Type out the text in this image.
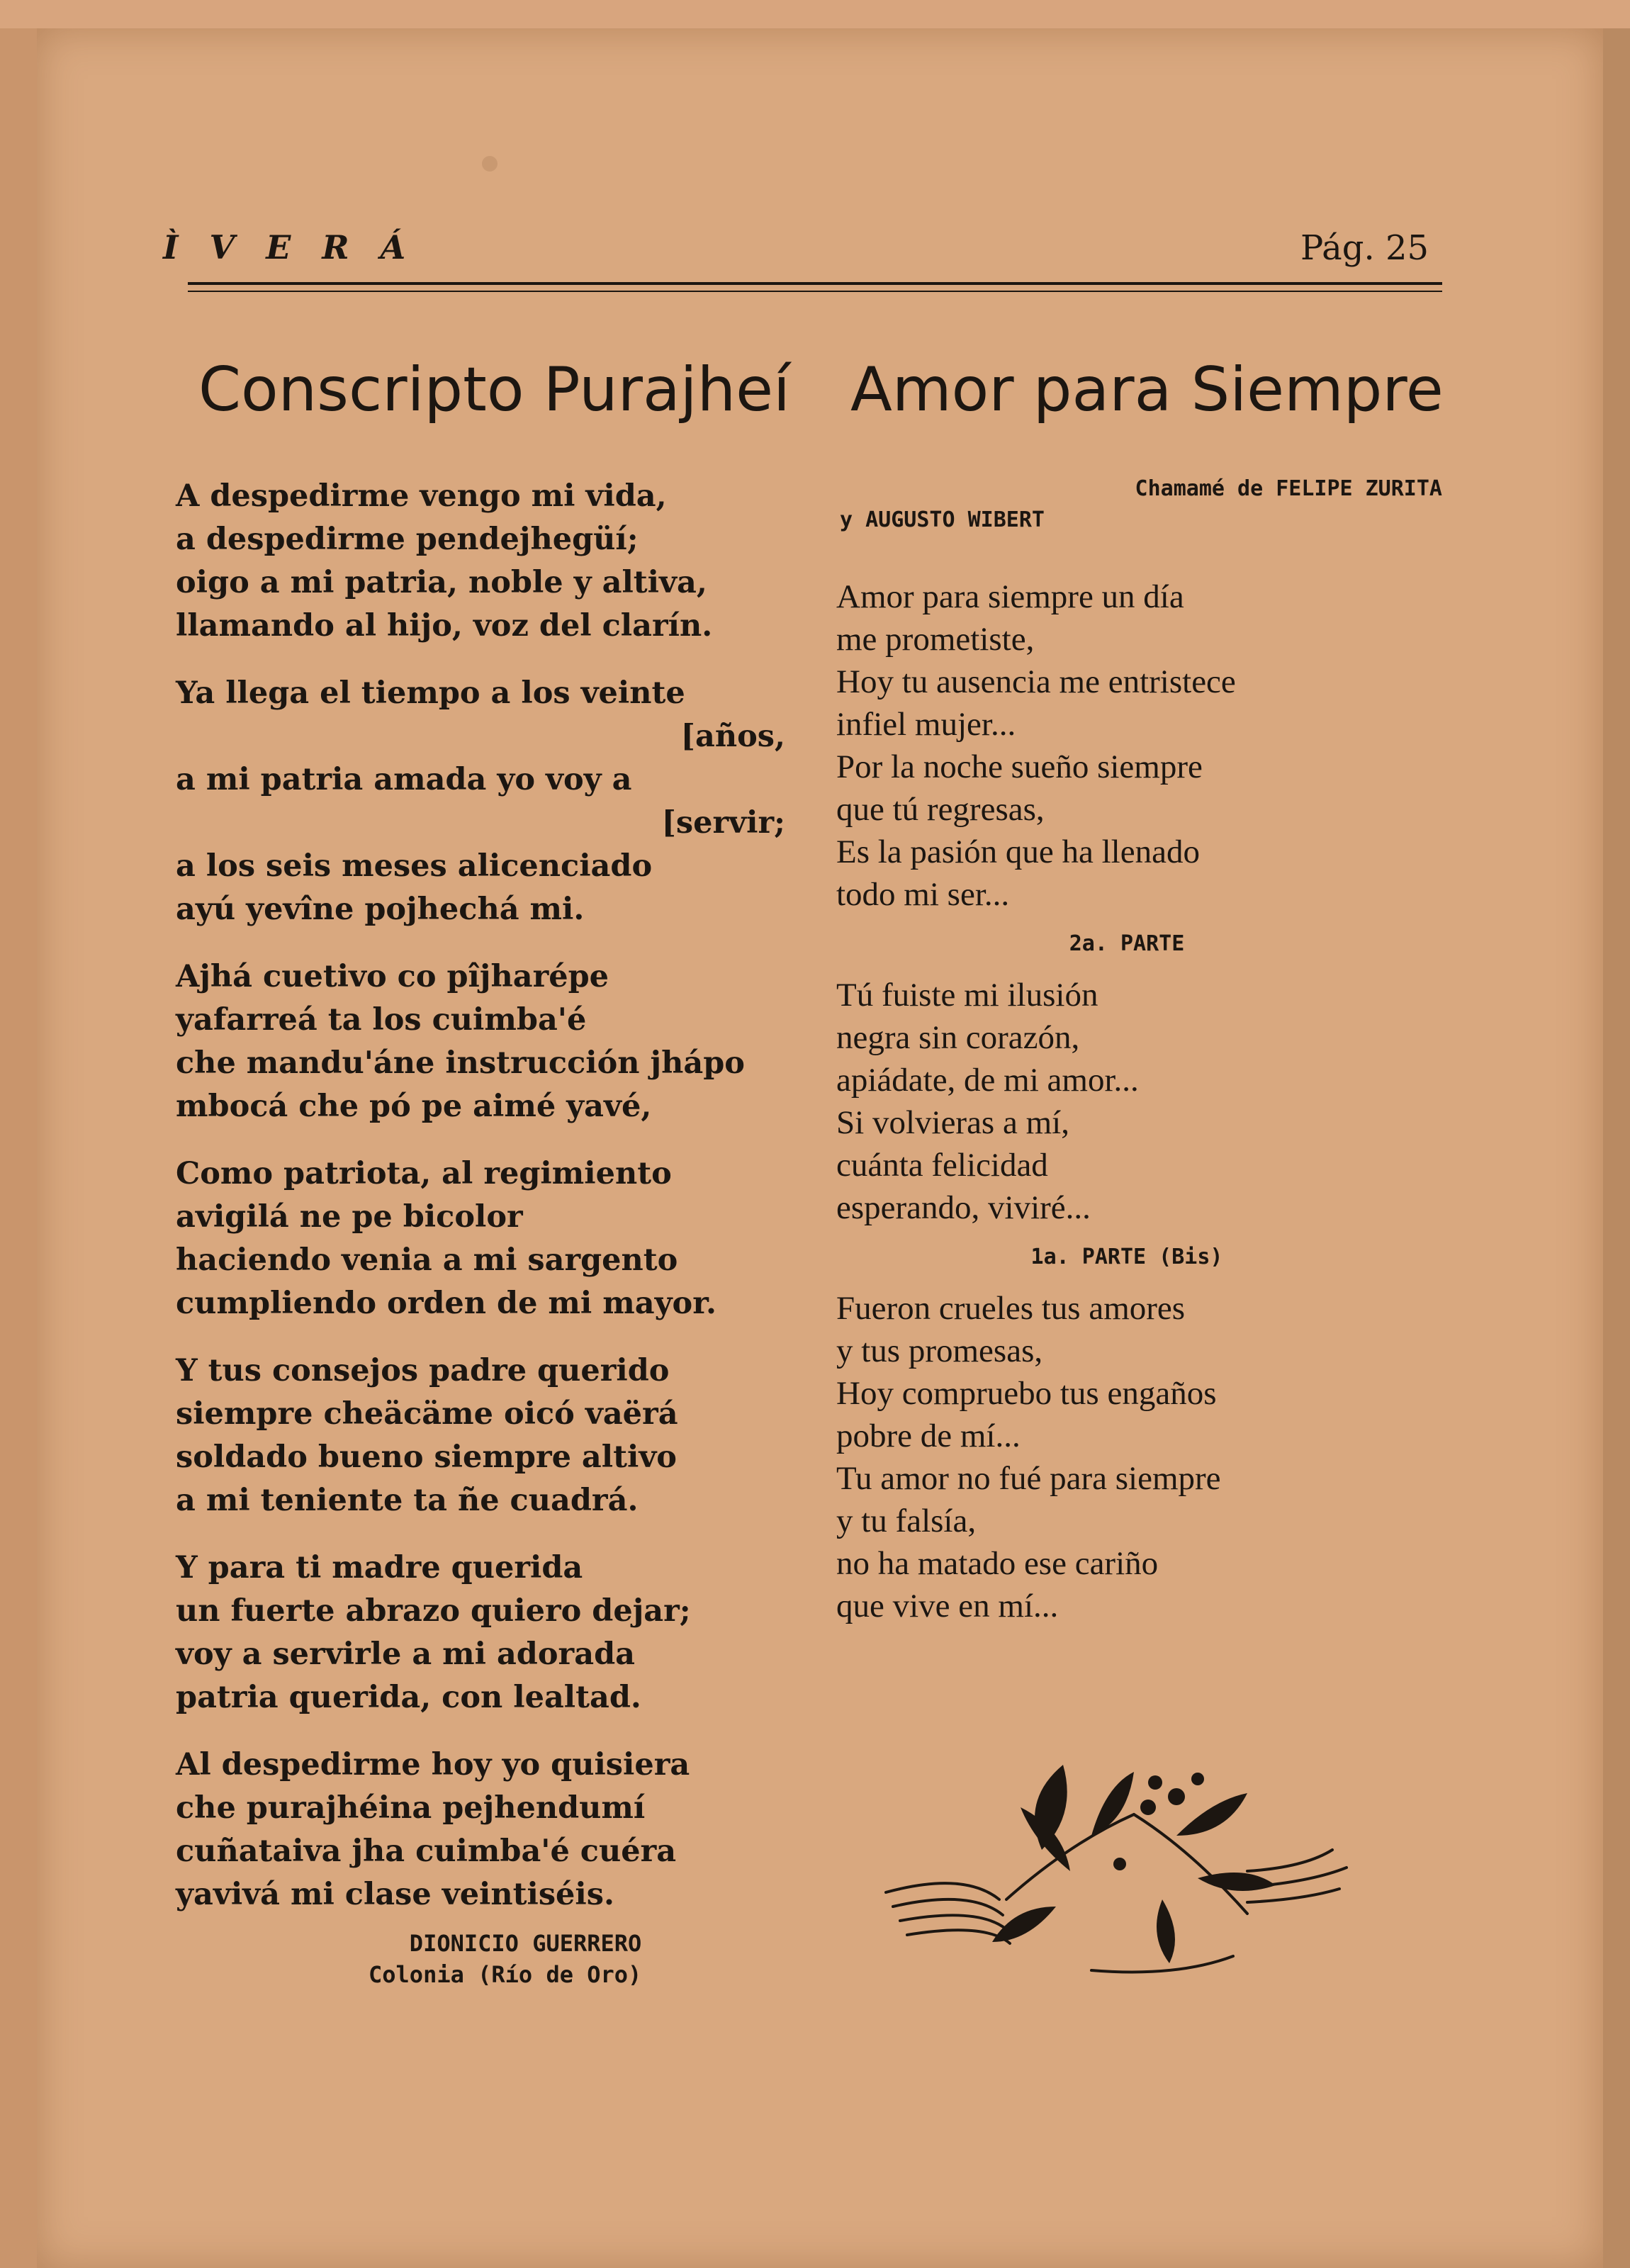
Ì V E R Á	Pág. 25
Conscripto Purajheí Amor para Siempre
A despedirme vengo mi vida,
a despedirme pendejhegüí;
oigo a mi patria, noble y altiva,
llamando al hijo, voz del clarín.
Ya llega el tiempo a los veinte
[años,
a mi patria amada yo voy a
[servir;
a los seis meses alicenciado
ayú yevîne pojhechá mi.
Ajhá cuetivo co pîjharépe
yafarreá ta los cuimba'é
che mandu'áne instrucción jhápo
mbocá che pó pe aimé yavé,
Como patriota, al regimiento
avigilá ne pe bicolor
haciendo venia a mi sargento
cumpliendo orden de mi mayor.
Y tus consejos padre querido
siempre cheäcäme oicó vaërá
soldado bueno siempre altivo
a mi teniente ta ñe cuadrá.
Y para ti madre querida
un fuerte abrazo quiero dejar;
voy a servirle a mi adorada
patria querida, con lealtad.
Al despedirme hoy yo quisiera
che purajhéina pejhendumí
cuñataiva jha cuimba'é cuéra
yavivá mi clase veintiséis.
DIONICIO GUERRERO
Colonia (Río de Oro)
Chamamé de FELIPE ZURITA
y AUGUSTO WIBERT
Amor para siempre un día
me prometiste,
Hoy tu ausencia me entristece
infiel mujer...
Por la noche sueño siempre
que tú regresas,
Es la pasión que ha llenado
todo mi ser...
2a. PARTE
Tú fuiste mi ilusión
negra sin corazón,
apiádate, de mi amor...
Si volvieras a mí,
cuánta felicidad
esperando, viviré...
1a. PARTE (Bis)
Fueron crueles tus amores
y tus promesas,
Hoy compruebo tus engaños
pobre de mí...
Tu amor no fué para siempre
y tu falsía,
no ha matado ese cariño
que vive en mí...
